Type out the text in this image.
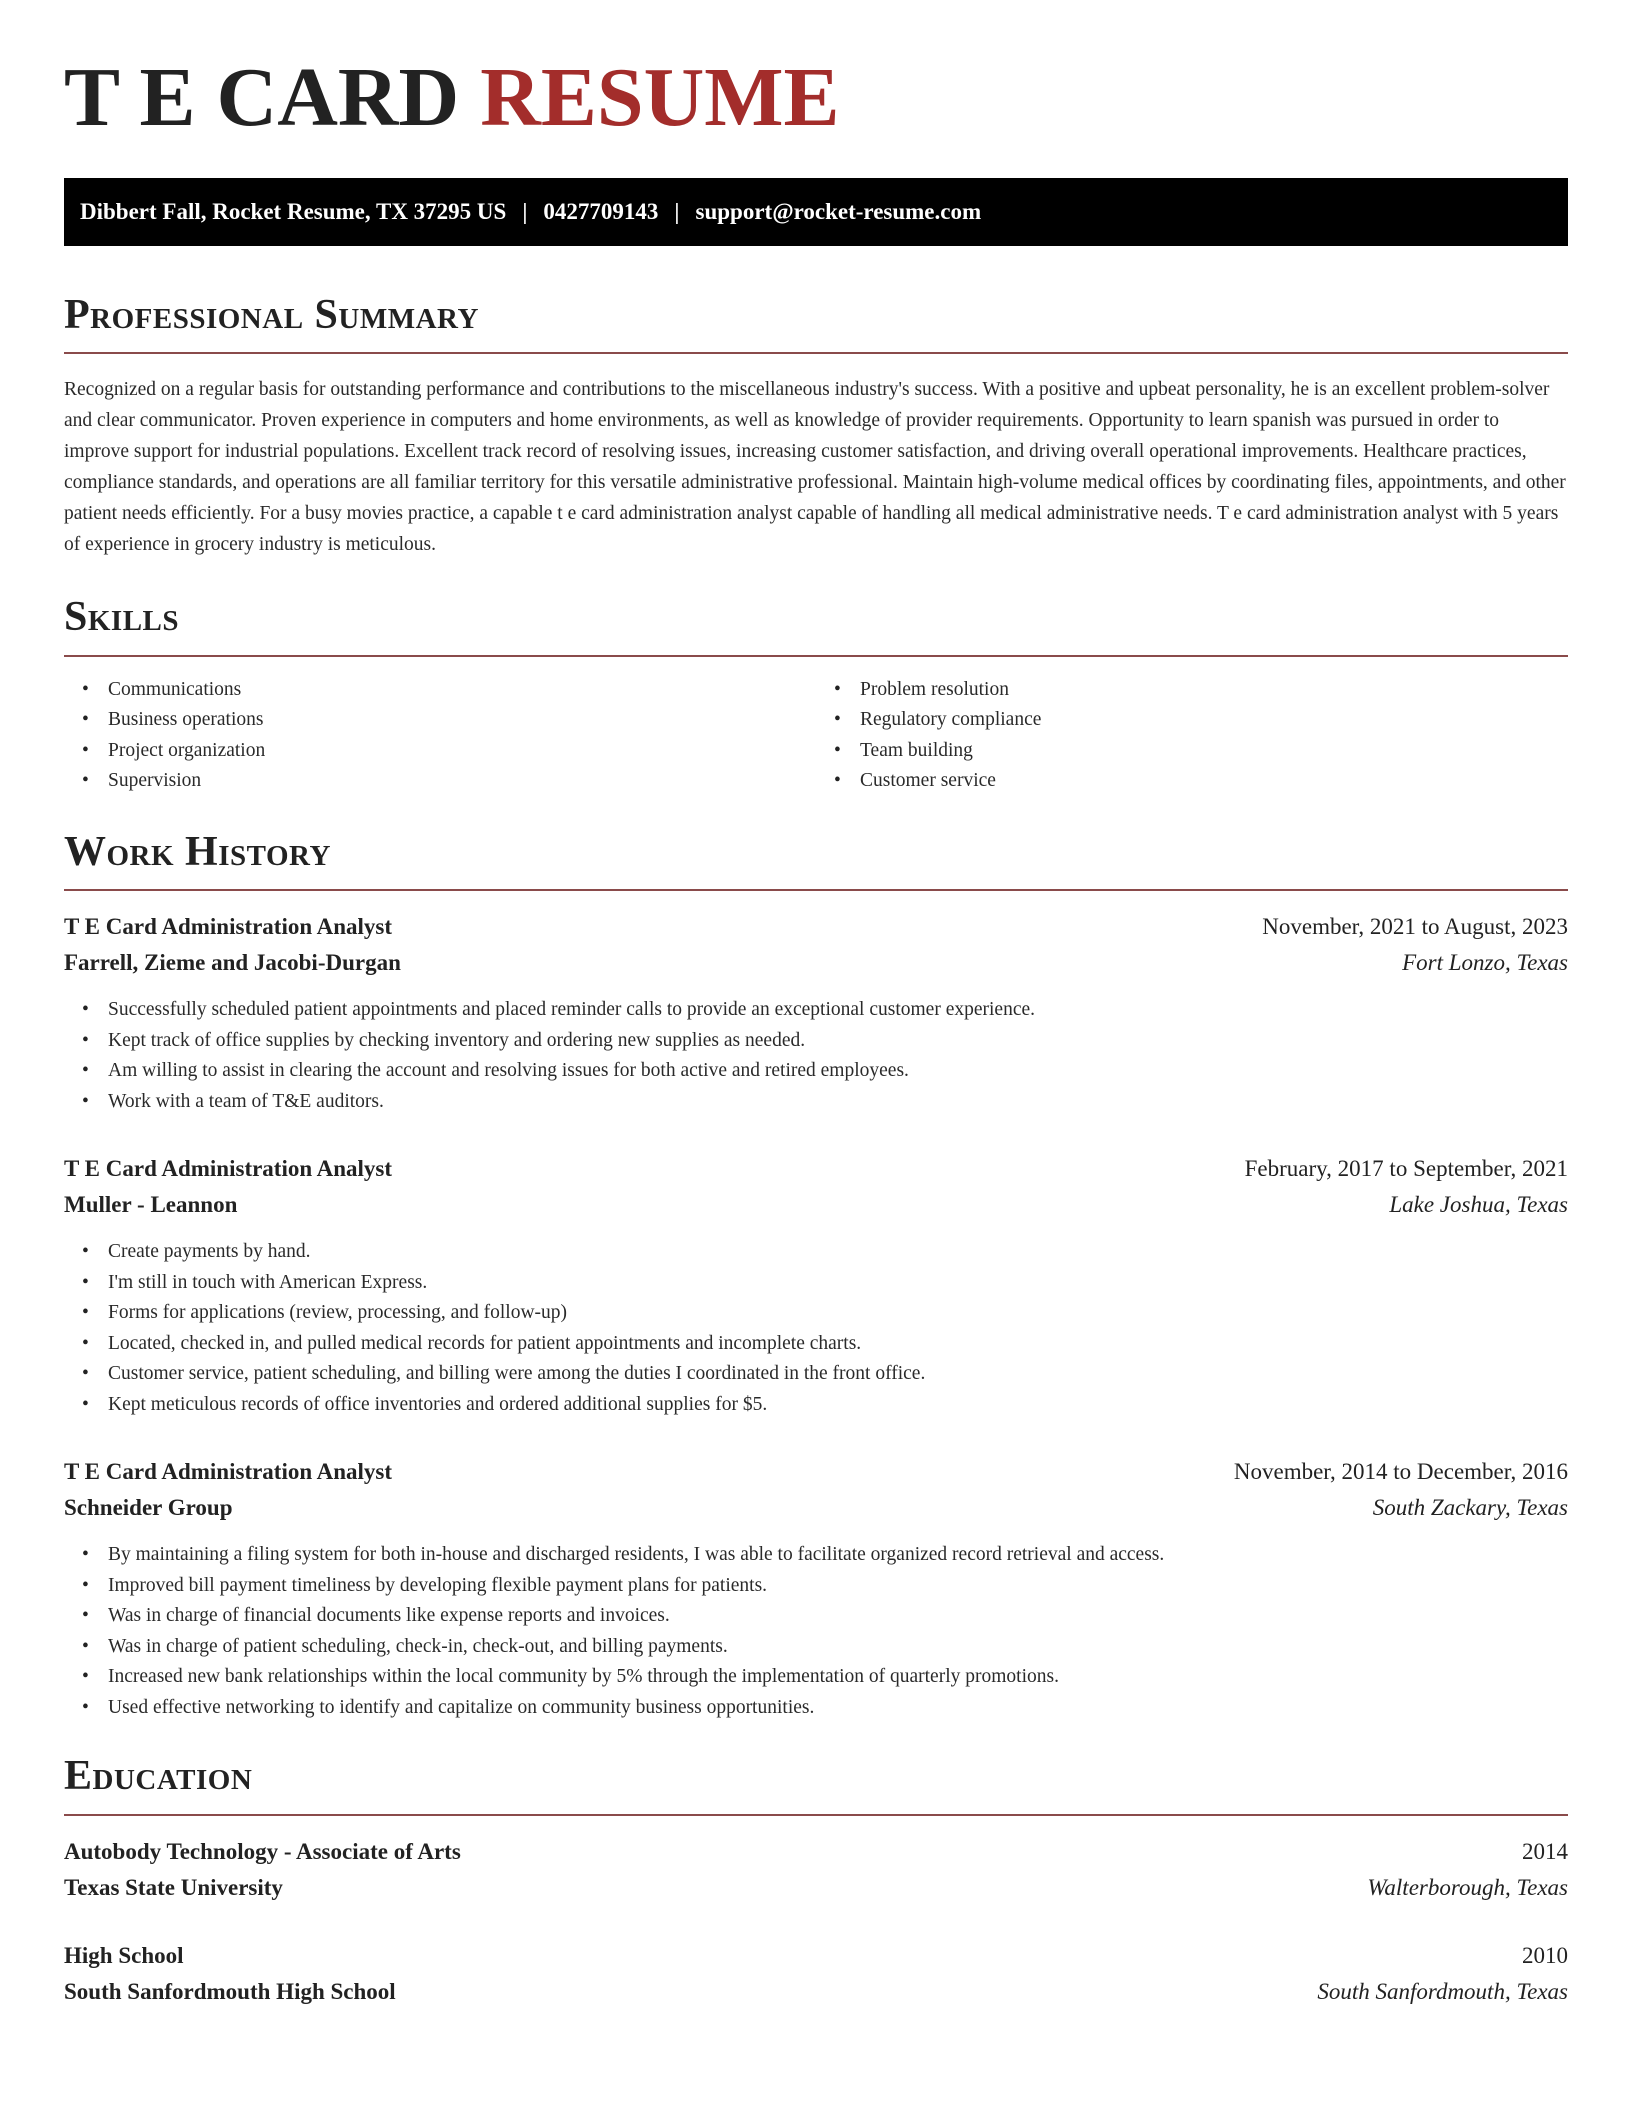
T E CARD RESUME
Dibbert Fall, Rocket Resume, TX 37295 US | 0427709143 | support@rocket-resume.com
Professional Summary

Recognized on a regular basis for outstanding performance and contributions to the miscellaneous industry's success. With a positive and upbeat personality, he is an excellent problem-solver and clear communicator. Proven experience in computers and home environments, as well as knowledge of provider requirements. Opportunity to learn spanish was pursued in order to improve support for industrial populations. Excellent track record of resolving issues, increasing customer satisfaction, and driving overall operational improvements. Healthcare practices, compliance standards, and operations are all familiar territory for this versatile administrative professional. Maintain high-volume medical offices by coordinating files, appointments, and other patient needs efficiently. For a busy movies practice, a capable t e card administration analyst capable of handling all medical administrative needs. T e card administration analyst with 5 years of experience in grocery industry is meticulous.

Skills
• Communications
• Business operations
• Project organization
• Supervision
• Problem resolution
• Regulatory compliance
• Team building
• Customer service
Work History
T E Card Administration Analyst	November, 2021 to August, 2023
Farrell, Zieme and Jacobi-Durgan	Fort Lonzo, Texas
• Successfully scheduled patient appointments and placed reminder calls to provide an exceptional customer experience.
• Kept track of office supplies by checking inventory and ordering new supplies as needed.
• Am willing to assist in clearing the account and resolving issues for both active and retired employees.
• Work with a team of T&E auditors.
T E Card Administration Analyst	February, 2017 to September, 2021
Muller - Leannon	Lake Joshua, Texas
• Create payments by hand.
• I'm still in touch with American Express.
• Forms for applications (review, processing, and follow-up)
• Located, checked in, and pulled medical records for patient appointments and incomplete charts.
• Customer service, patient scheduling, and billing were among the duties I coordinated in the front office.
• Kept meticulous records of office inventories and ordered additional supplies for $5.
T E Card Administration Analyst	November, 2014 to December, 2016
Schneider Group	South Zackary, Texas
• By maintaining a filing system for both in-house and discharged residents, I was able to facilitate organized record retrieval and access.
• Improved bill payment timeliness by developing flexible payment plans for patients.
• Was in charge of financial documents like expense reports and invoices.
• Was in charge of patient scheduling, check-in, check-out, and billing payments.
• Increased new bank relationships within the local community by 5% through the implementation of quarterly promotions.
• Used effective networking to identify and capitalize on community business opportunities.
Education
Autobody Technology - Associate of Arts	2014
Texas State University	Walterborough, Texas
High School	2010
South Sanfordmouth High School	South Sanfordmouth, Texas
